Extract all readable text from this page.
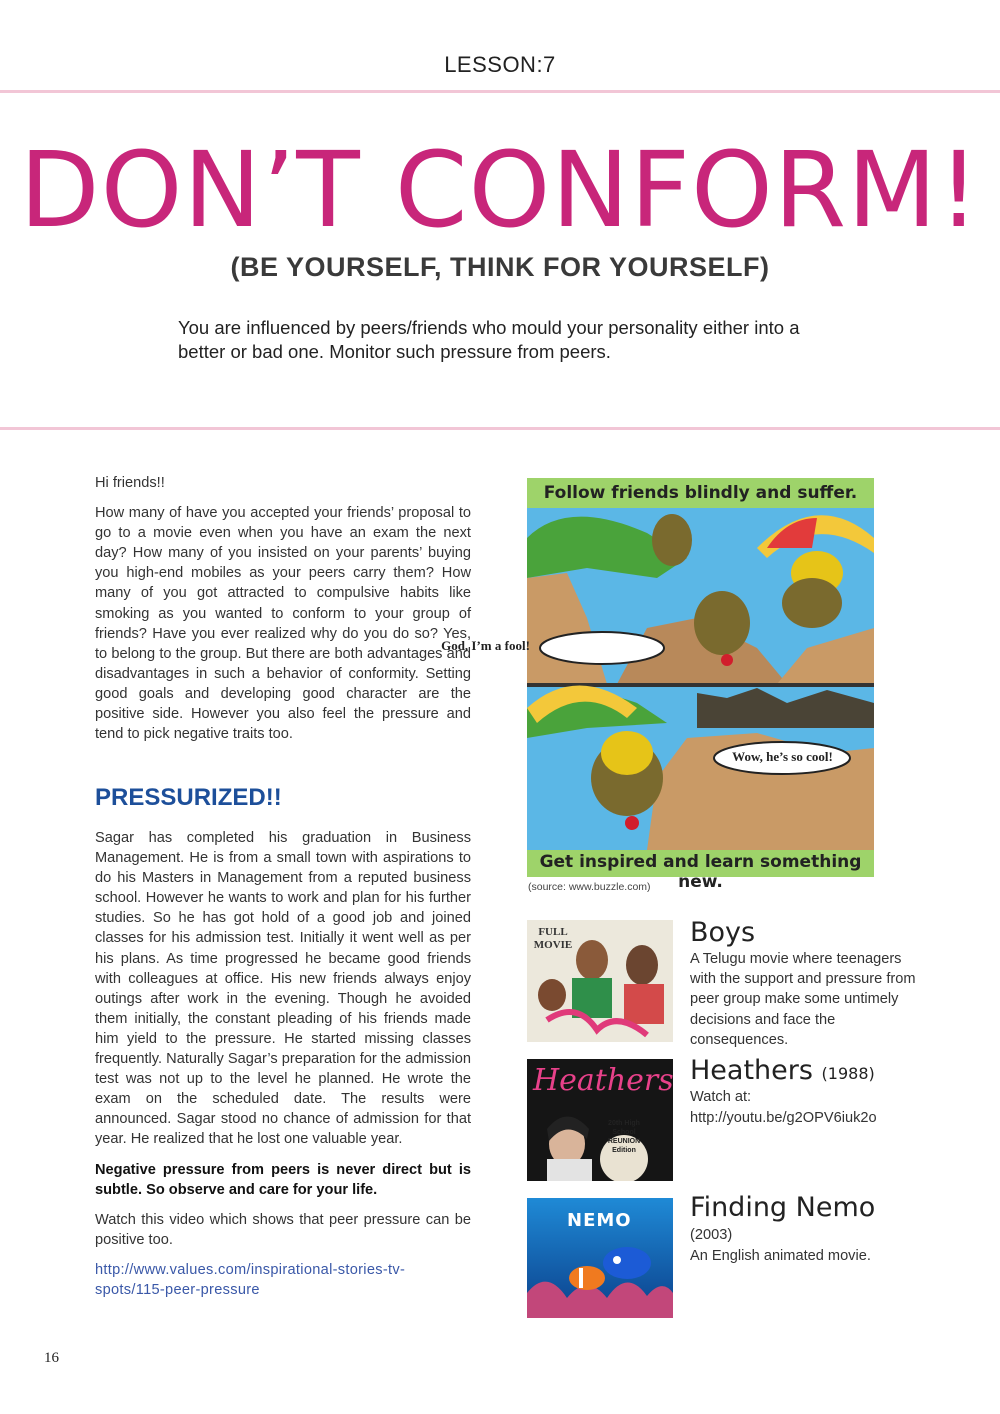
LESSON:7
DON’T CONFORM!
(BE YOURSELF, THINK FOR YOURSELF)
You are influenced by peers/friends who mould your personality either into a better or bad one. Monitor such pressure from peers.

Hi friends!!

How many of have you accepted your friends’ proposal to go to a movie even when you have an exam the next day? How many of you insisted on your parents’ buying you high-end mobiles as your peers carry them? How many of you got attracted to compulsive habits like smoking as you wanted to conform to your group of friends? Have you ever realized why do you do so? Yes, to belong to the group. But there are both advantages and disadvantages in such a behavior of conformity. Setting good goals and developing good character are the positive side. However you also feel the pressure and tend to pick negative traits too.

PRESSURIZED!!

Sagar has completed his graduation in Business Management. He is from a small town with aspirations to do his Masters in Management from a reputed business school. However he wants to work and plan for his further studies. So he has got hold of a good job and joined classes for his admission test. Initially it went well as per his plans. As time progressed he became good friends with colleagues at office. His new friends always enjoy outings after work in the evening. Though he avoided them initially, the constant pleading of his friends made him yield to the pressure. He started missing classes frequently. Naturally Sagar’s preparation for the admission test was not up to the level he planned. He wrote the exam on the scheduled date. The results were announced. Sagar stood no chance of admission for that year. He realized that he lost one valuable year.

Negative pressure from peers is never direct but is subtle. So observe and care for your life.

Watch this video which shows that peer pressure can be positive too.

http://www.values.com/inspirational-stories-tv-spots/115-peer-pressure

Follow friends blindly and suffer.
God, I’m a fool!
Wow, he’s so cool!
Get inspired and learn something new.
(source: www.buzzle.com)
FULL MOVIE	Boys
A Telugu movie where teenagers with the support and pressure from peer group make some untimely decisions and face the consequences.
Heathers
20th High School REUNION Edition
Heathers (1988)
Watch at:
http://youtu.be/g2OPV6iuk2o
NEMO Finding Nemo
(2003)
An English animated movie.
16
